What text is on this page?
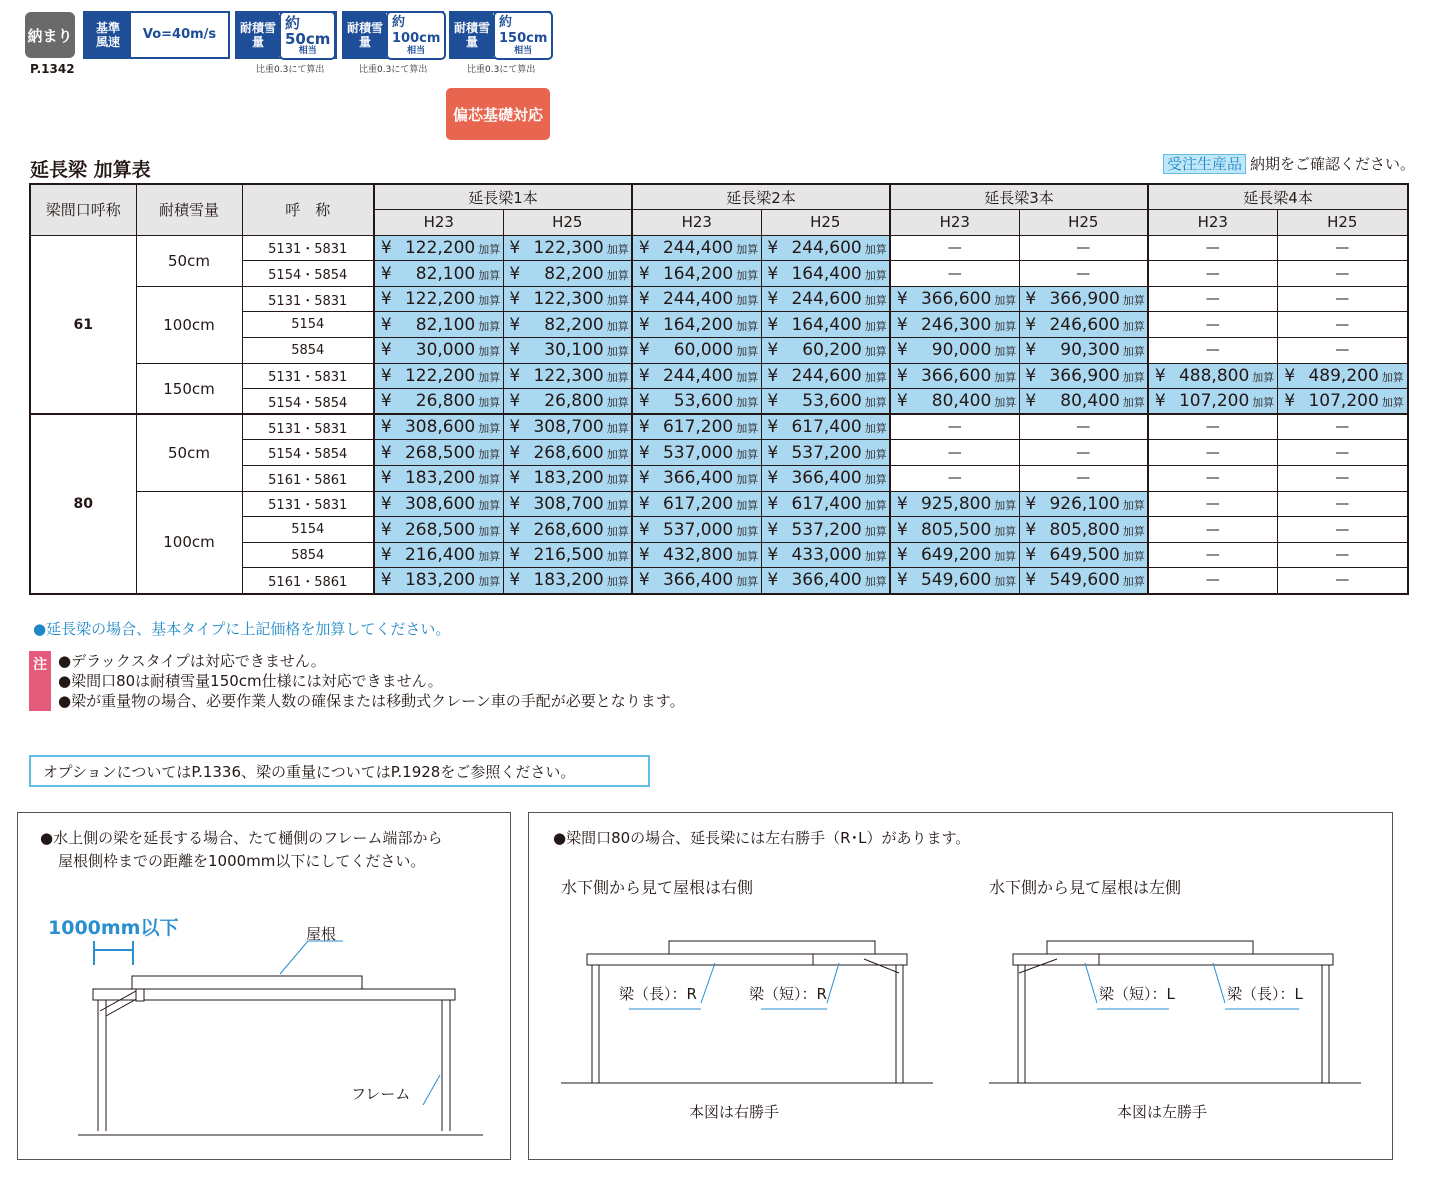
納まり
P.1342
基準
風速	Vo=40m/s	耐積雪
量
約50cm
相当
耐積雪
量
約100cm
相当
耐積雪
量
約150cm
相当
比重0.3にて算出	比重0.3にて算出	比重0.3にて算出
偏芯基礎対応
延長梁 加算表	受注生産品 納期をご確認ください。
梁間口呼称	耐積雪量	呼　称	延長梁1本		延長梁2本		延長梁3本		延長梁4本	
			H23	H25	H23	H25	H23	H25	H23	H25
61	50cm	5131・5831	¥ 122,200 加算	¥ 122,300 加算	¥ 244,400 加算	¥ 244,600 加算	—	—	—	—
		5154・5854	¥ 82,100 加算	¥ 82,200 加算	¥ 164,200 加算	¥ 164,400 加算	—	—	—	—
	100cm	5131・5831	¥ 122,200 加算	¥ 122,300 加算	¥ 244,400 加算	¥ 244,600 加算	¥ 366,600 加算	¥ 366,900 加算	—	—
		5154	¥ 82,100 加算	¥ 82,200 加算	¥ 164,200 加算	¥ 164,400 加算	¥ 246,300 加算	¥ 246,600 加算	—	—
		5854	¥ 30,000 加算	¥ 30,100 加算	¥ 60,000 加算	¥ 60,200 加算	¥ 90,000 加算	¥ 90,300 加算	—	—
	150cm	5131・5831	¥ 122,200 加算	¥ 122,300 加算	¥ 244,400 加算	¥ 244,600 加算	¥ 366,600 加算	¥ 366,900 加算	¥ 488,800 加算	¥ 489,200 加算
		5154・5854	¥ 26,800 加算	¥ 26,800 加算	¥ 53,600 加算	¥ 53,600 加算	¥ 80,400 加算	¥ 80,400 加算	¥ 107,200 加算	¥ 107,200 加算
80	50cm	5131・5831	¥ 308,600 加算	¥ 308,700 加算	¥ 617,200 加算	¥ 617,400 加算	—	—	—	—
		5154・5854	¥ 268,500 加算	¥ 268,600 加算	¥ 537,000 加算	¥ 537,200 加算	—	—	—	—
		5161・5861	¥ 183,200 加算	¥ 183,200 加算	¥ 366,400 加算	¥ 366,400 加算	—	—	—	—
	100cm	5131・5831	¥ 308,600 加算	¥ 308,700 加算	¥ 617,200 加算	¥ 617,400 加算	¥ 925,800 加算	¥ 926,100 加算	—	—
		5154	¥ 268,500 加算	¥ 268,600 加算	¥ 537,000 加算	¥ 537,200 加算	¥ 805,500 加算	¥ 805,800 加算	—	—
		5854	¥ 216,400 加算	¥ 216,500 加算	¥ 432,800 加算	¥ 433,000 加算	¥ 649,200 加算	¥ 649,500 加算	—	—
		5161・5861	¥ 183,200 加算	¥ 183,200 加算	¥ 366,400 加算	¥ 366,400 加算	¥ 549,600 加算	¥ 549,600 加算	—	—
●延長梁の場合、基本タイプに上記価格を加算してください。
注 ●デラックスタイプは対応できません。
●梁間口80は耐積雪量150cm仕様には対応できません。
●梁が重量物の場合、必要作業人数の確保または移動式クレーン車の手配が必要となります。
オプションについてはP.1336、梁の重量についてはP.1928をご参照ください。
●水上側の梁を延長する場合、たて樋側のフレーム端部から
屋根側枠までの距離を1000mm以下にしてください。
1000mm以下	屋根
フレーム
●梁間口80の場合、延長梁には左右勝手（R･L）があります。
水下側から見て屋根は右側	水下側から見て屋根は左側
梁（長）：R	梁（短）：R	梁（短）：L	梁（長）：L
本図は右勝手	本図は左勝手
